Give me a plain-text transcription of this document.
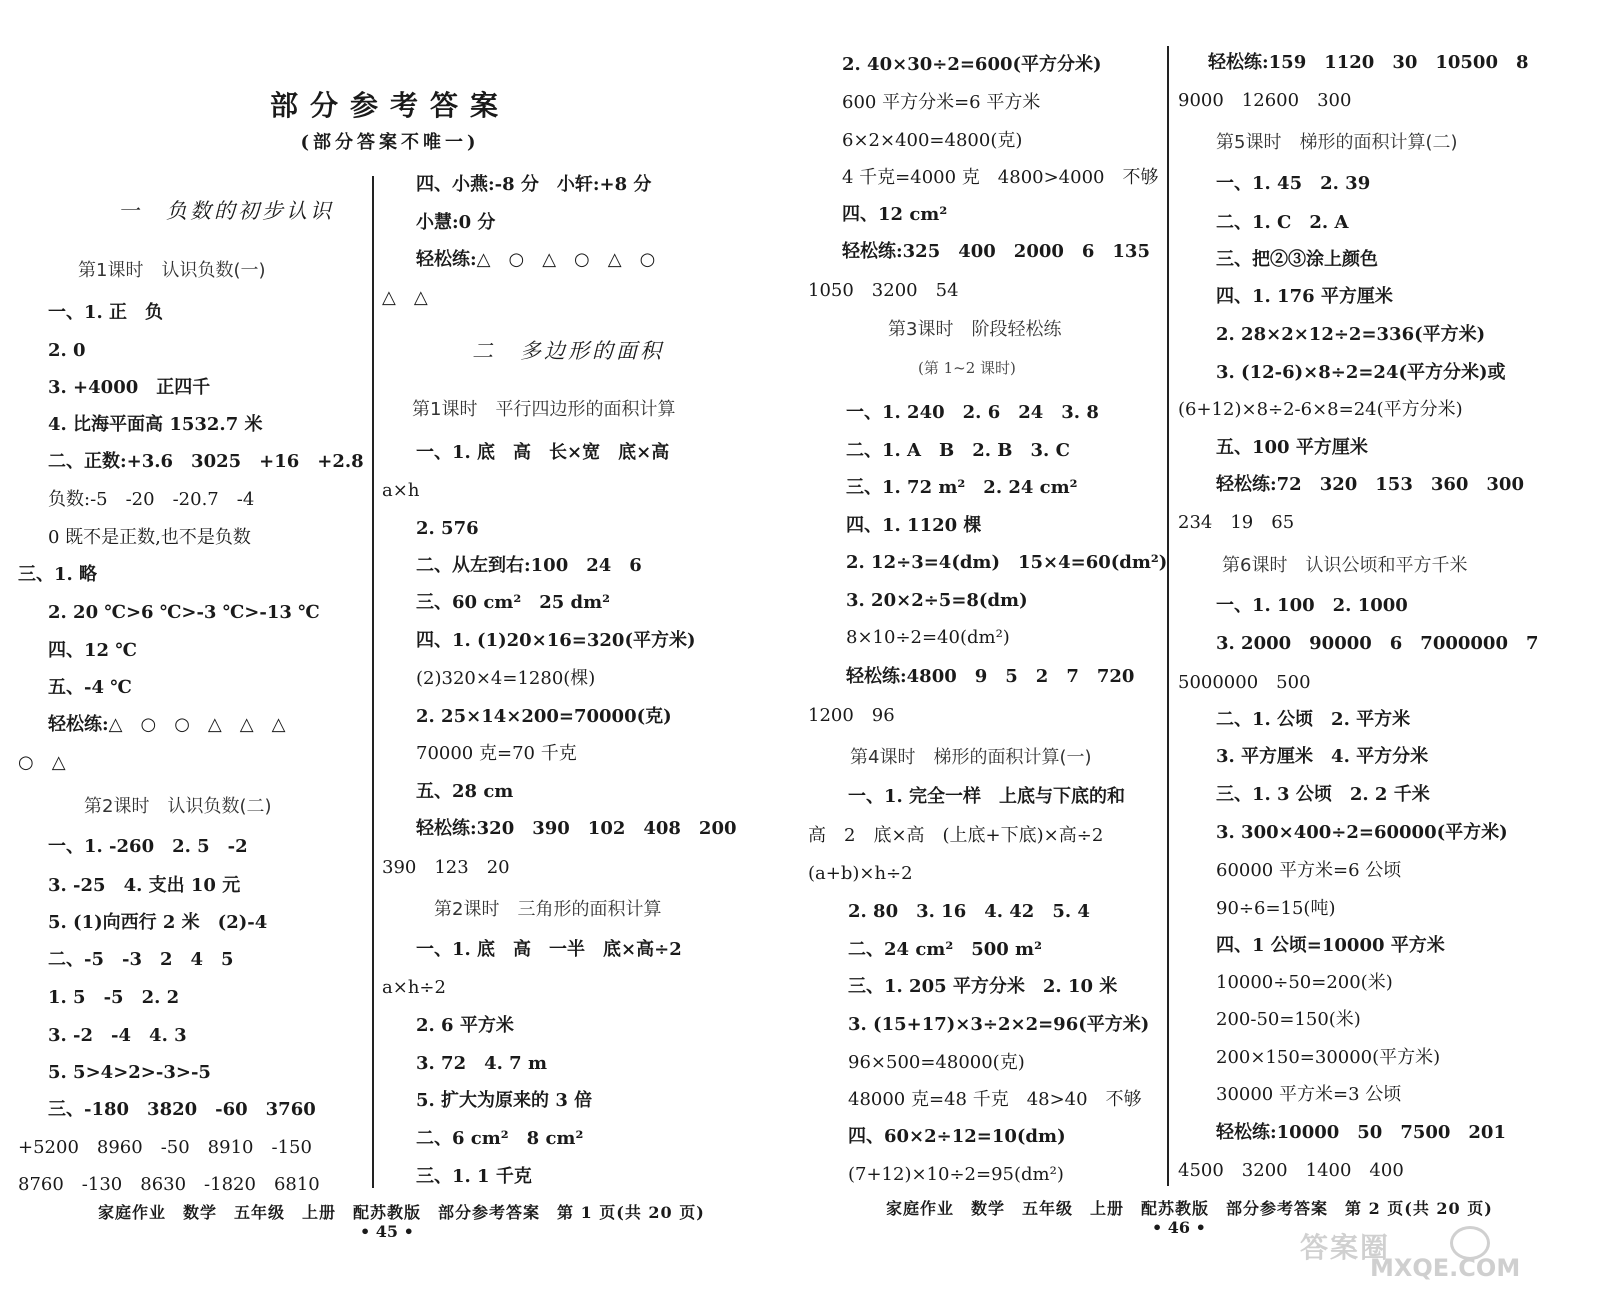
部分参考答案
(部分答案不唯一)
一　负数的初步认识
第1课时　认识负数(一)
一、1. 正　负
2. 0
3. +4000　正四千
4. 比海平面高 1532.7 米
二、正数:+3.6　3025　+16　+2.8
负数:-5　-20　-20.7　-4
0 既不是正数,也不是负数
三、1. 略
2. 20 ℃>6 ℃>-3 ℃>-13 ℃
四、12 ℃
五、-4 ℃
轻松练:△　○　○　△　△　△
○　△
第2课时　认识负数(二)
一、1. -260　2. 5　-2
3. -25　4. 支出 10 元
5. (1)向西行 2 米　(2)-4
二、-5　-3　2　4　5
1. 5　-5　2. 2
3. -2　-4　4. 3
5. 5>4>2>-3>-5
三、-180　3820　-60　3760
+5200　8960　-50　8910　-150
8760　-130　8630　-1820　6810
四、小燕:-8 分　小轩:+8 分
小慧:0 分
轻松练:△　○　△　○　△　○
△　△
二　多边形的面积
第1课时　平行四边形的面积计算
一、1. 底　高　长×宽　底×高
a×h
2. 576
二、从左到右:100　24　6
三、60 cm²　25 dm²
四、1. (1)20×16=320(平方米)
(2)320×4=1280(棵)
2. 25×14×200=70000(克)
70000 克=70 千克
五、28 cm
轻松练:320　390　102　408　200
390　123　20
第2课时　三角形的面积计算
一、1. 底　高　一半　底×高÷2
a×h÷2
2. 6 平方米
3. 72　4. 7 m
5. 扩大为原来的 3 倍
二、6 cm²　8 cm²
三、1. 1 千克
2. 40×30÷2=600(平方分米)
600 平方分米=6 平方米
6×2×400=4800(克)
4 千克=4000 克　4800>4000　不够
四、12 cm²
轻松练:325　400　2000　6　135
1050　3200　54
第3课时　阶段轻松练
(第 1~2 课时)
一、1. 240　2. 6　24　3. 8
二、1. A　B　2. B　3. C
三、1. 72 m²　2. 24 cm²
四、1. 1120 棵
2. 12÷3=4(dm)　15×4=60(dm²)
3. 20×2÷5=8(dm)
8×10÷2=40(dm²)
轻松练:4800　9　5　2　7　720
1200　96
第4课时　梯形的面积计算(一)
一、1. 完全一样　上底与下底的和
高　2　底×高　(上底+下底)×高÷2
(a+b)×h÷2
2. 80　3. 16　4. 42　5. 4
二、24 cm²　500 m²
三、1. 205 平方分米　2. 10 米
3. (15+17)×3÷2×2=96(平方米)
96×500=48000(克)
48000 克=48 千克　48>40　不够
四、60×2÷12=10(dm)
(7+12)×10÷2=95(dm²)
轻松练:159　1120　30　10500　8
9000　12600　300
第5课时　梯形的面积计算(二)
一、1. 45　2. 39
二、1. C　2. A
三、把②③涂上颜色
四、1. 176 平方厘米
2. 28×2×12÷2=336(平方米)
3. (12-6)×8÷2=24(平方分米)或
(6+12)×8÷2-6×8=24(平方分米)
五、100 平方厘米
轻松练:72　320　153　360　300
234　19　65
第6课时　认识公顷和平方千米
一、1. 100　2. 1000
3. 2000　90000　6　7000000　7
5000000　500
二、1. 公顷　2. 平方米
3. 平方厘米　4. 平方分米
三、1. 3 公顷　2. 2 千米
3. 300×400÷2=60000(平方米)
60000 平方米=6 公顷
90÷6=15(吨)
四、1 公顷=10000 平方米
10000÷50=200(米)
200-50=150(米)
200×150=30000(平方米)
30000 平方米=3 公顷
轻松练:10000　50　7500　201
4500　3200　1400　400
家庭作业　数学　五年级　上册　配苏教版　部分参考答案　第 1 页(共 20 页)
• 45 •
家庭作业　数学　五年级　上册　配苏教版　部分参考答案　第 2 页(共 20 页)
• 46 •
答案圈
MXQE.COM
